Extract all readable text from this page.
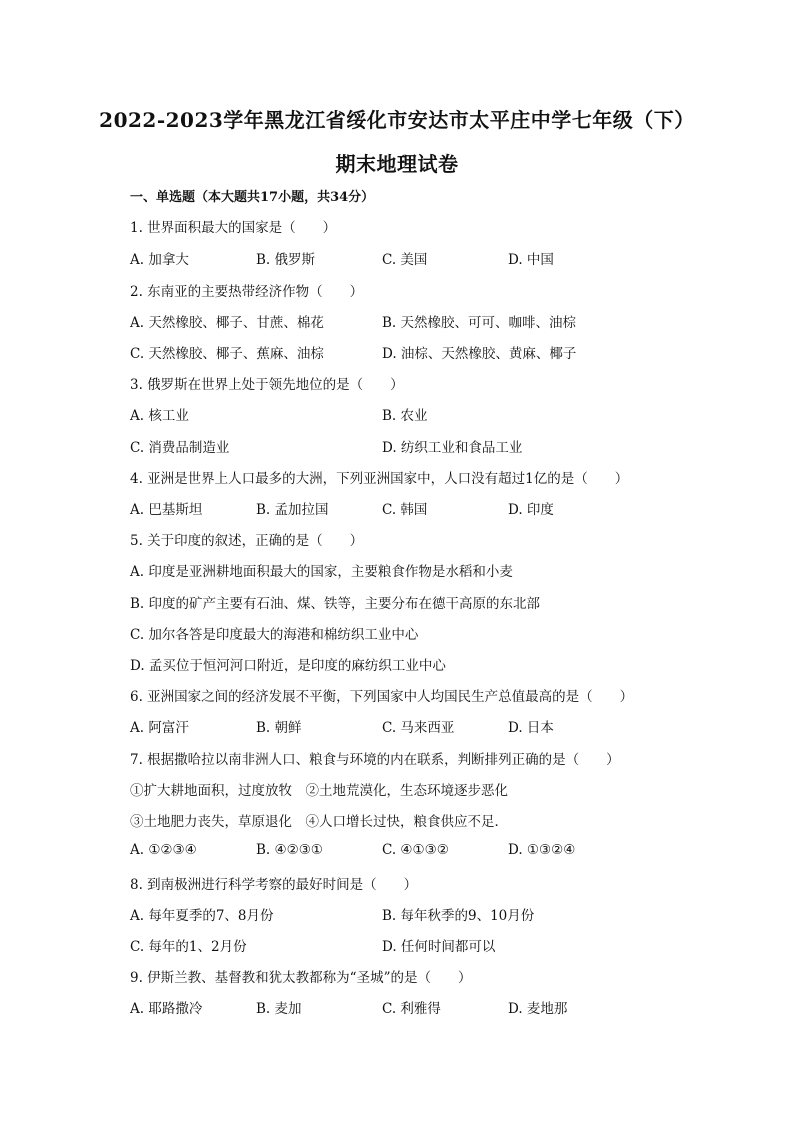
2022-2023学年黑龙江省绥化市安达市太平庄中学七年级（下）
期末地理试卷
一、单选题（本大题共17小题，共34分）
1. 世界面积最大的国家是（　　）
A. 加拿大	B. 俄罗斯	C. 美国	D. 中国
2. 东南亚的主要热带经济作物（　　）
A. 天然橡胶、椰子、甘蔗、棉花	B. 天然橡胶、可可、咖啡、油棕
C. 天然橡胶、椰子、蕉麻、油棕	D. 油棕、天然橡胶、黄麻、椰子
3. 俄罗斯在世界上处于领先地位的是（　　）
A. 核工业	B. 农业
C. 消费品制造业	D. 纺织工业和食品工业
4. 亚洲是世界上人口最多的大洲，下列亚洲国家中，人口没有超过1亿的是（　　）
A. 巴基斯坦	B. 孟加拉国	C. 韩国	D. 印度
5. 关于印度的叙述，正确的是（　　）
A. 印度是亚洲耕地面积最大的国家，主要粮食作物是水稻和小麦
B. 印度的矿产主要有石油、煤、铁等，主要分布在德干高原的东北部
C. 加尔各答是印度最大的海港和棉纺织工业中心
D. 孟买位于恒河河口附近，是印度的麻纺织工业中心
6. 亚洲国家之间的经济发展不平衡，下列国家中人均国民生产总值最高的是（　　）
A. 阿富汗	B. 朝鲜	C. 马来西亚	D. 日本
7. 根据撒哈拉以南非洲人口、粮食与环境的内在联系，判断排列正确的是（　　）
①扩大耕地面积，过度放牧　②土地荒漠化，生态环境逐步恶化
③土地肥力丧失，草原退化　④人口增长过快，粮食供应不足．
A. ①②③④	B. ④②③①	C. ④①③②	D. ①③②④
8. 到南极洲进行科学考察的最好时间是（　　）
A. 每年夏季的7、8月份	B. 每年秋季的9、10月份
C. 每年的1、2月份	D. 任何时间都可以
9. 伊斯兰教、基督教和犹太教都称为“圣城”的是（　　）
A. 耶路撒冷	B. 麦加	C. 利雅得	D. 麦地那
